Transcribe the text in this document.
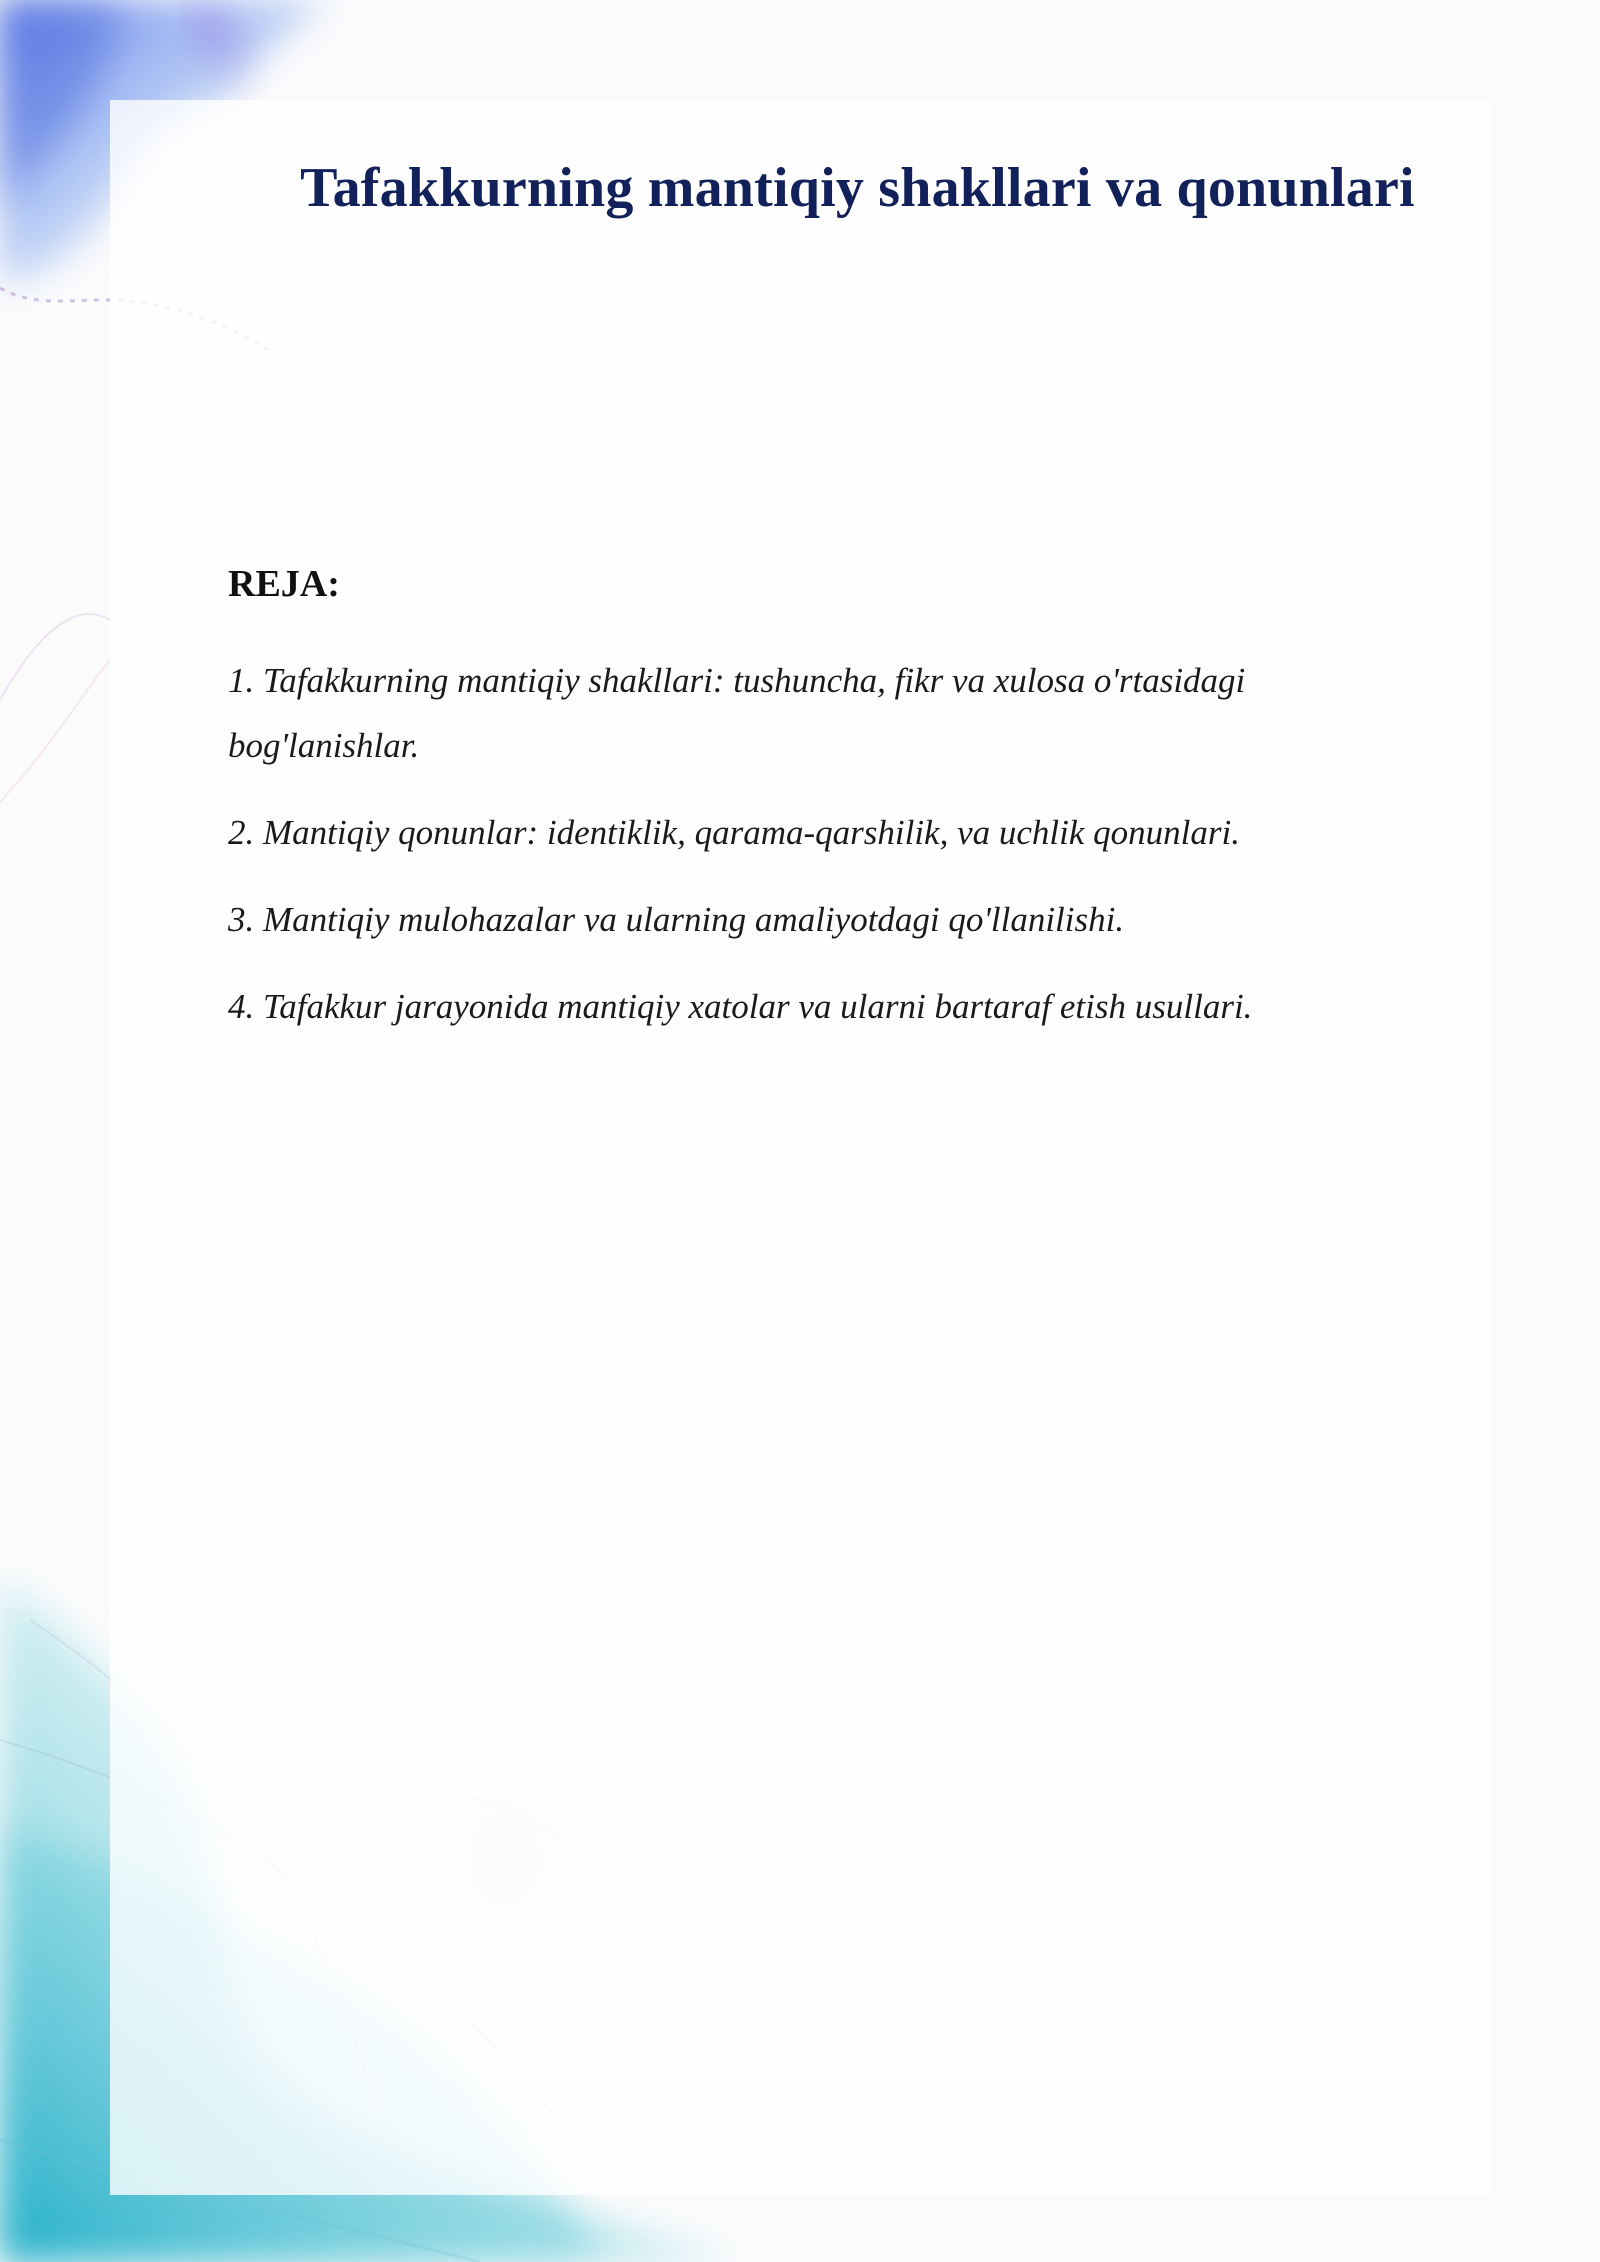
Tafakkurning mantiqiy shakllari va qonunlari
REJA:
1. Tafakkurning mantiqiy shakllari: tushuncha, fikr va xulosa o'rtasidagi bog'lanishlar.
2. Mantiqiy qonunlar: identiklik, qarama-qarshilik, va uchlik qonunlari.
3. Mantiqiy mulohazalar va ularning amaliyotdagi qo'llanilishi.
4. Tafakkur jarayonida mantiqiy xatolar va ularni bartaraf etish usullari.
